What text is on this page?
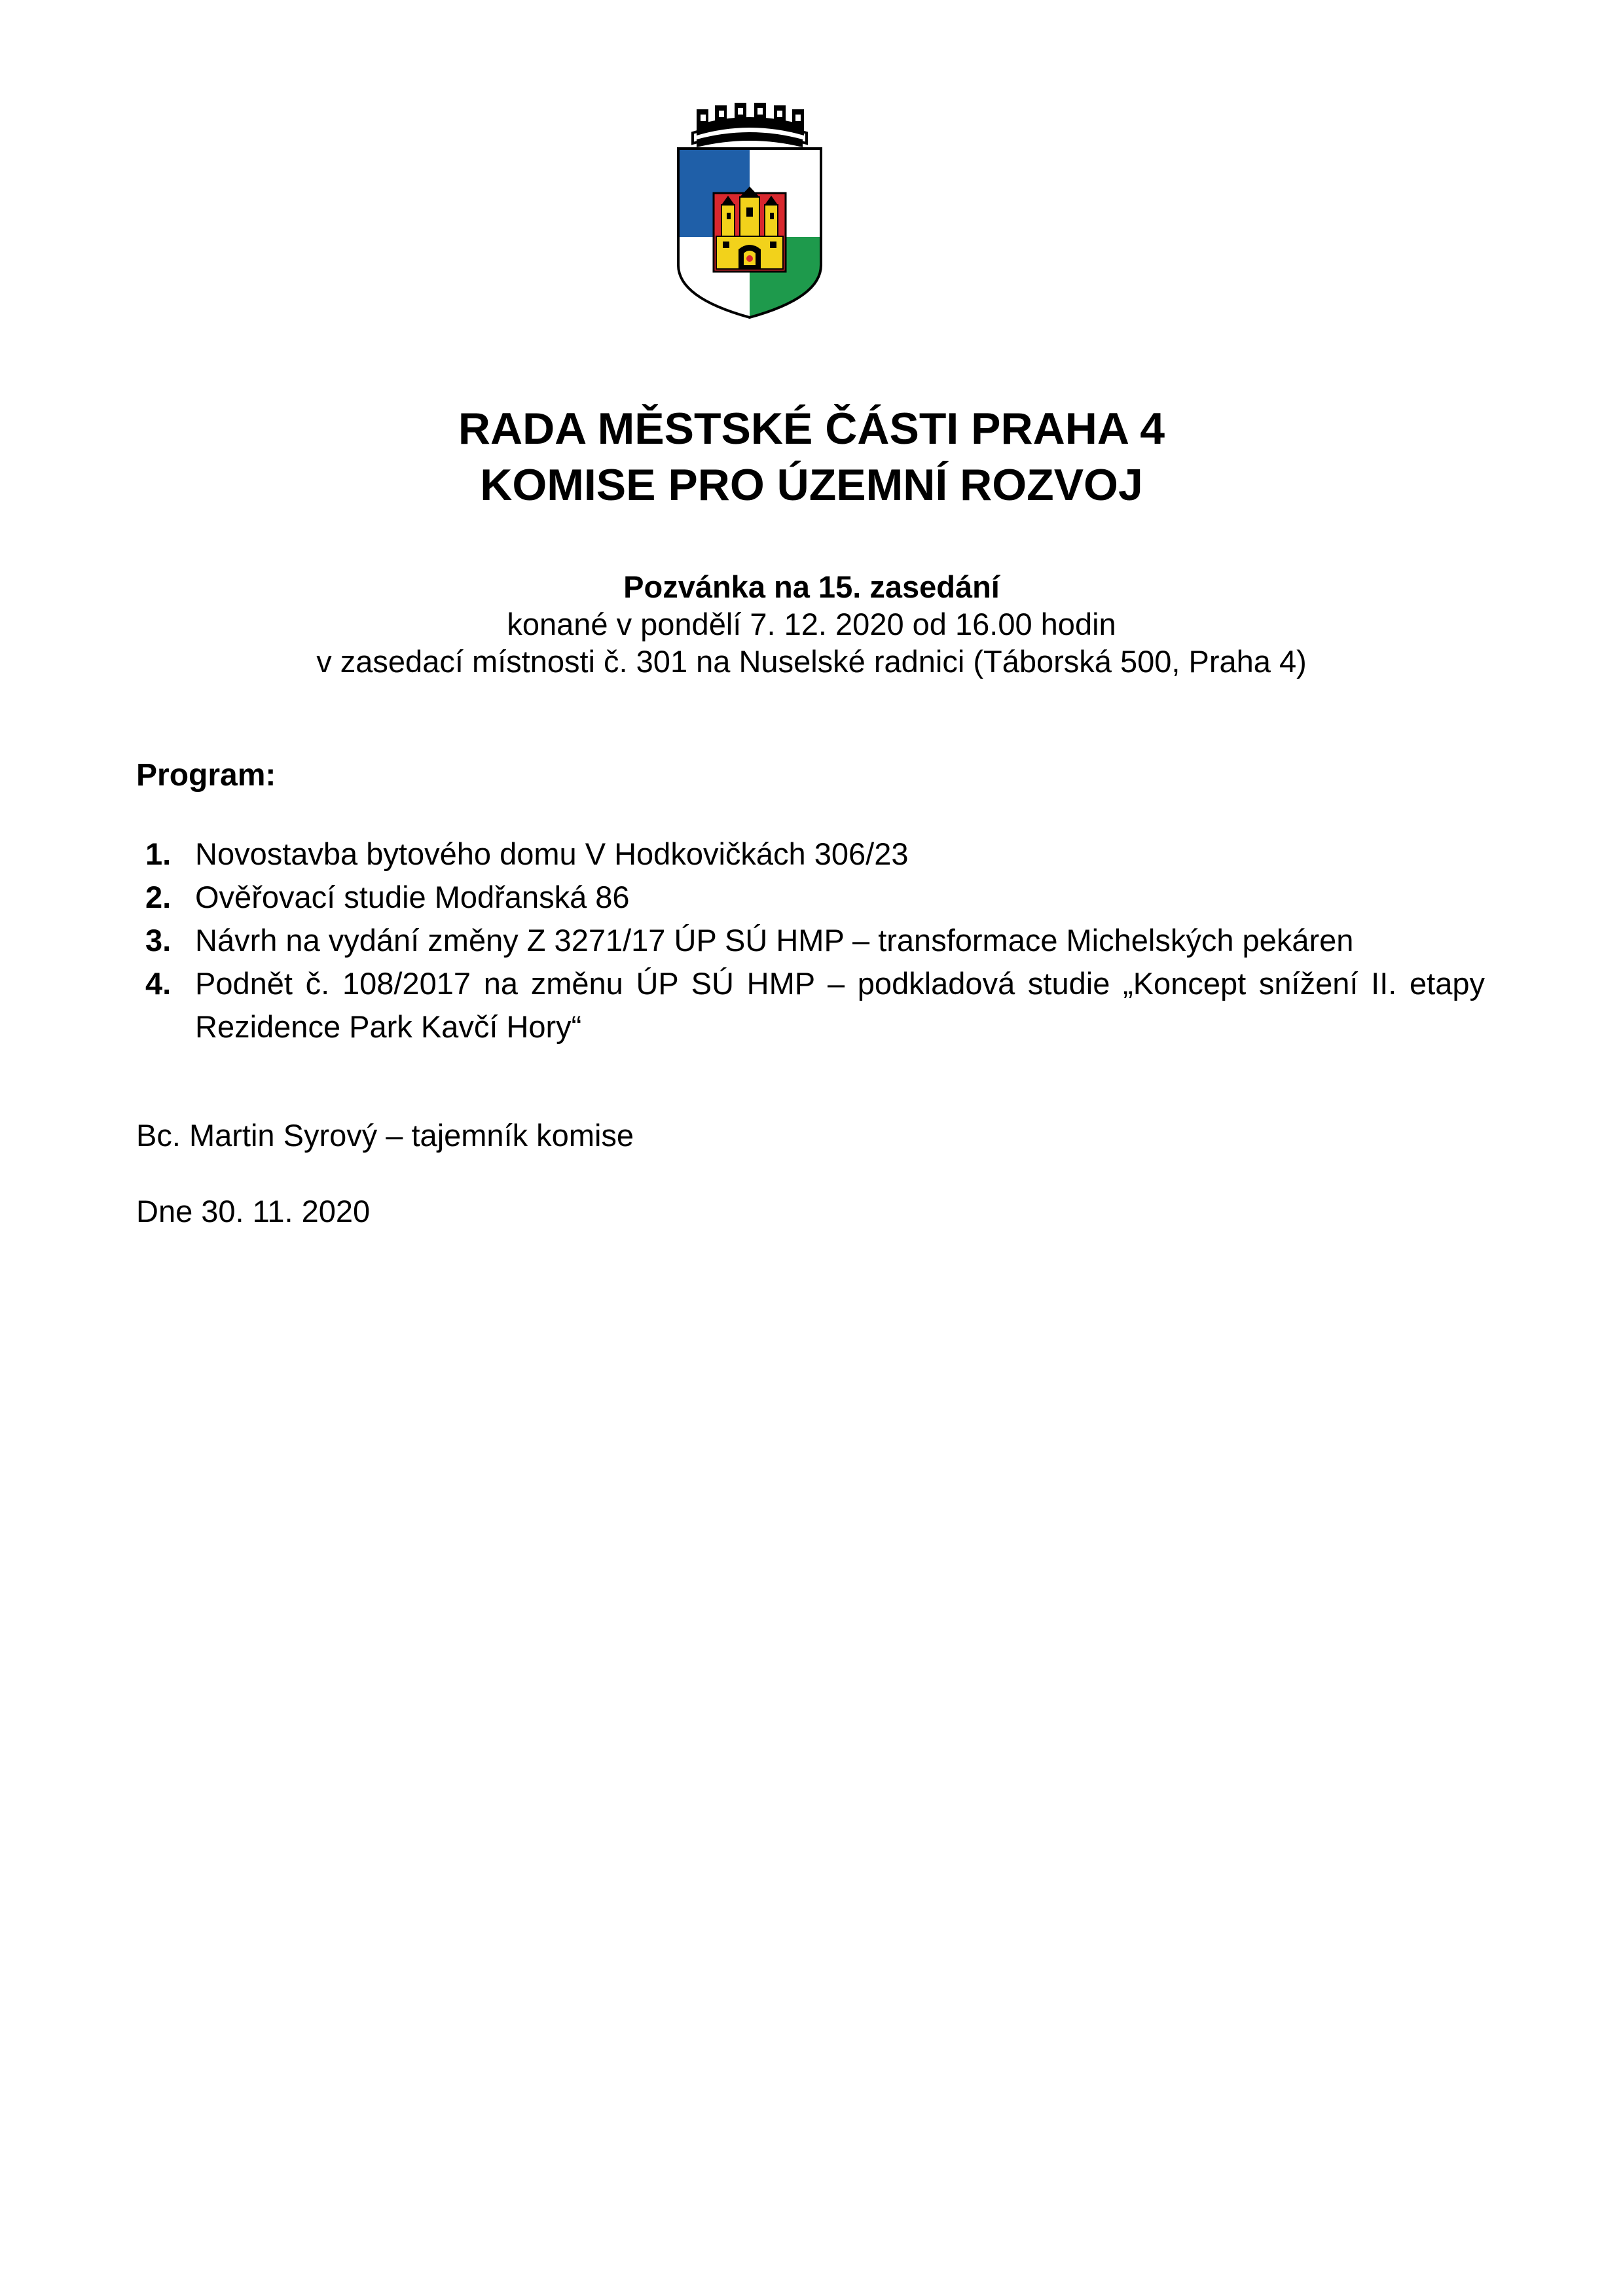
RADA MĚSTSKÉ ČÁSTI PRAHA 4
KOMISE PRO ÚZEMNÍ ROZVOJ
Pozvánka na 15. zasedání
konané v pondělí 7. 12. 2020 od 16.00 hodin
v zasedací místnosti č. 301 na Nuselské radnici (Táborská 500, Praha 4)
Program:
1. Novostavba bytového domu V Hodkovičkách 306/23
2. Ověřovací studie Modřanská 86
3. Návrh na vydání změny Z 3271/17 ÚP SÚ HMP – transformace Michelských pekáren
4. Podnět č. 108/2017 na změnu ÚP SÚ HMP – podkladová studie „Koncept snížení II. etapy Rezidence Park Kavčí Hory“
Bc. Martin Syrový – tajemník komise
Dne 30. 11. 2020
